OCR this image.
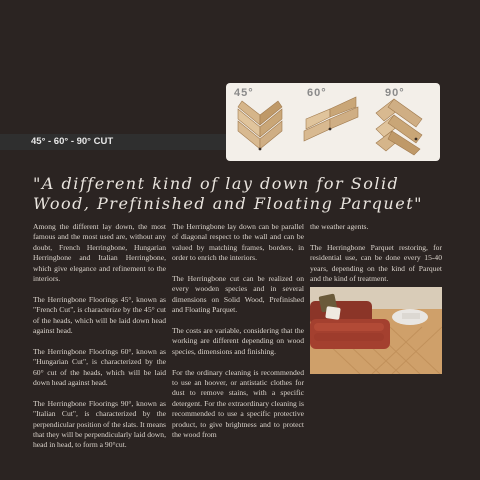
45°	60°	90°
45° - 60° - 90° CUT
"A different kind of lay down for Solid Wood, Prefinished and Floating Parquet"

Among the different lay down, the most famous and the most used are, without any doubt, French Herringbone, Hungarian Herringbone and Italian Herringbone, which give elegance and refinement to the interiors.

The Herringbone Floorings 45°, known as "French Cut", is characterize by the 45° cut of the heads, which will be laid down head against head.

The Herringbone Floorings 60°, known as "Hungarian Cut", is characterized by the 60° cut of the heads, which will be laid down head against head.

The Herringbone Floorings 90°, known as "Italian Cut", is characterized by the perpendicular position of the slats. It means that they will be perpendicularly laid down, head in head, to form a 90°cut.

The Herringbone lay down can be parallel of diagonal respect to the wall and can be valued by matching frames, borders, in order to enrich the interiors.

The Herringbone cut can be realized on every wooden species and in several dimensions on Solid Wood, Prefinished and Floating Parquet.

The costs are variable, considering that the working are different depending on wood species, dimensions and finishing.

For the ordinary cleaning is recommended to use an hoover, or antistatic clothes for dust to remove stains, with a specific detergent. For the extraordinary cleaning is recommended to use a specific protective product, to give brightness and to protect the wood from

the weather agents.

The Herringbone Parquet restoring, for residential use, can be done every 15-40 years, depending on the kind of Parquet and the kind of treatment.
